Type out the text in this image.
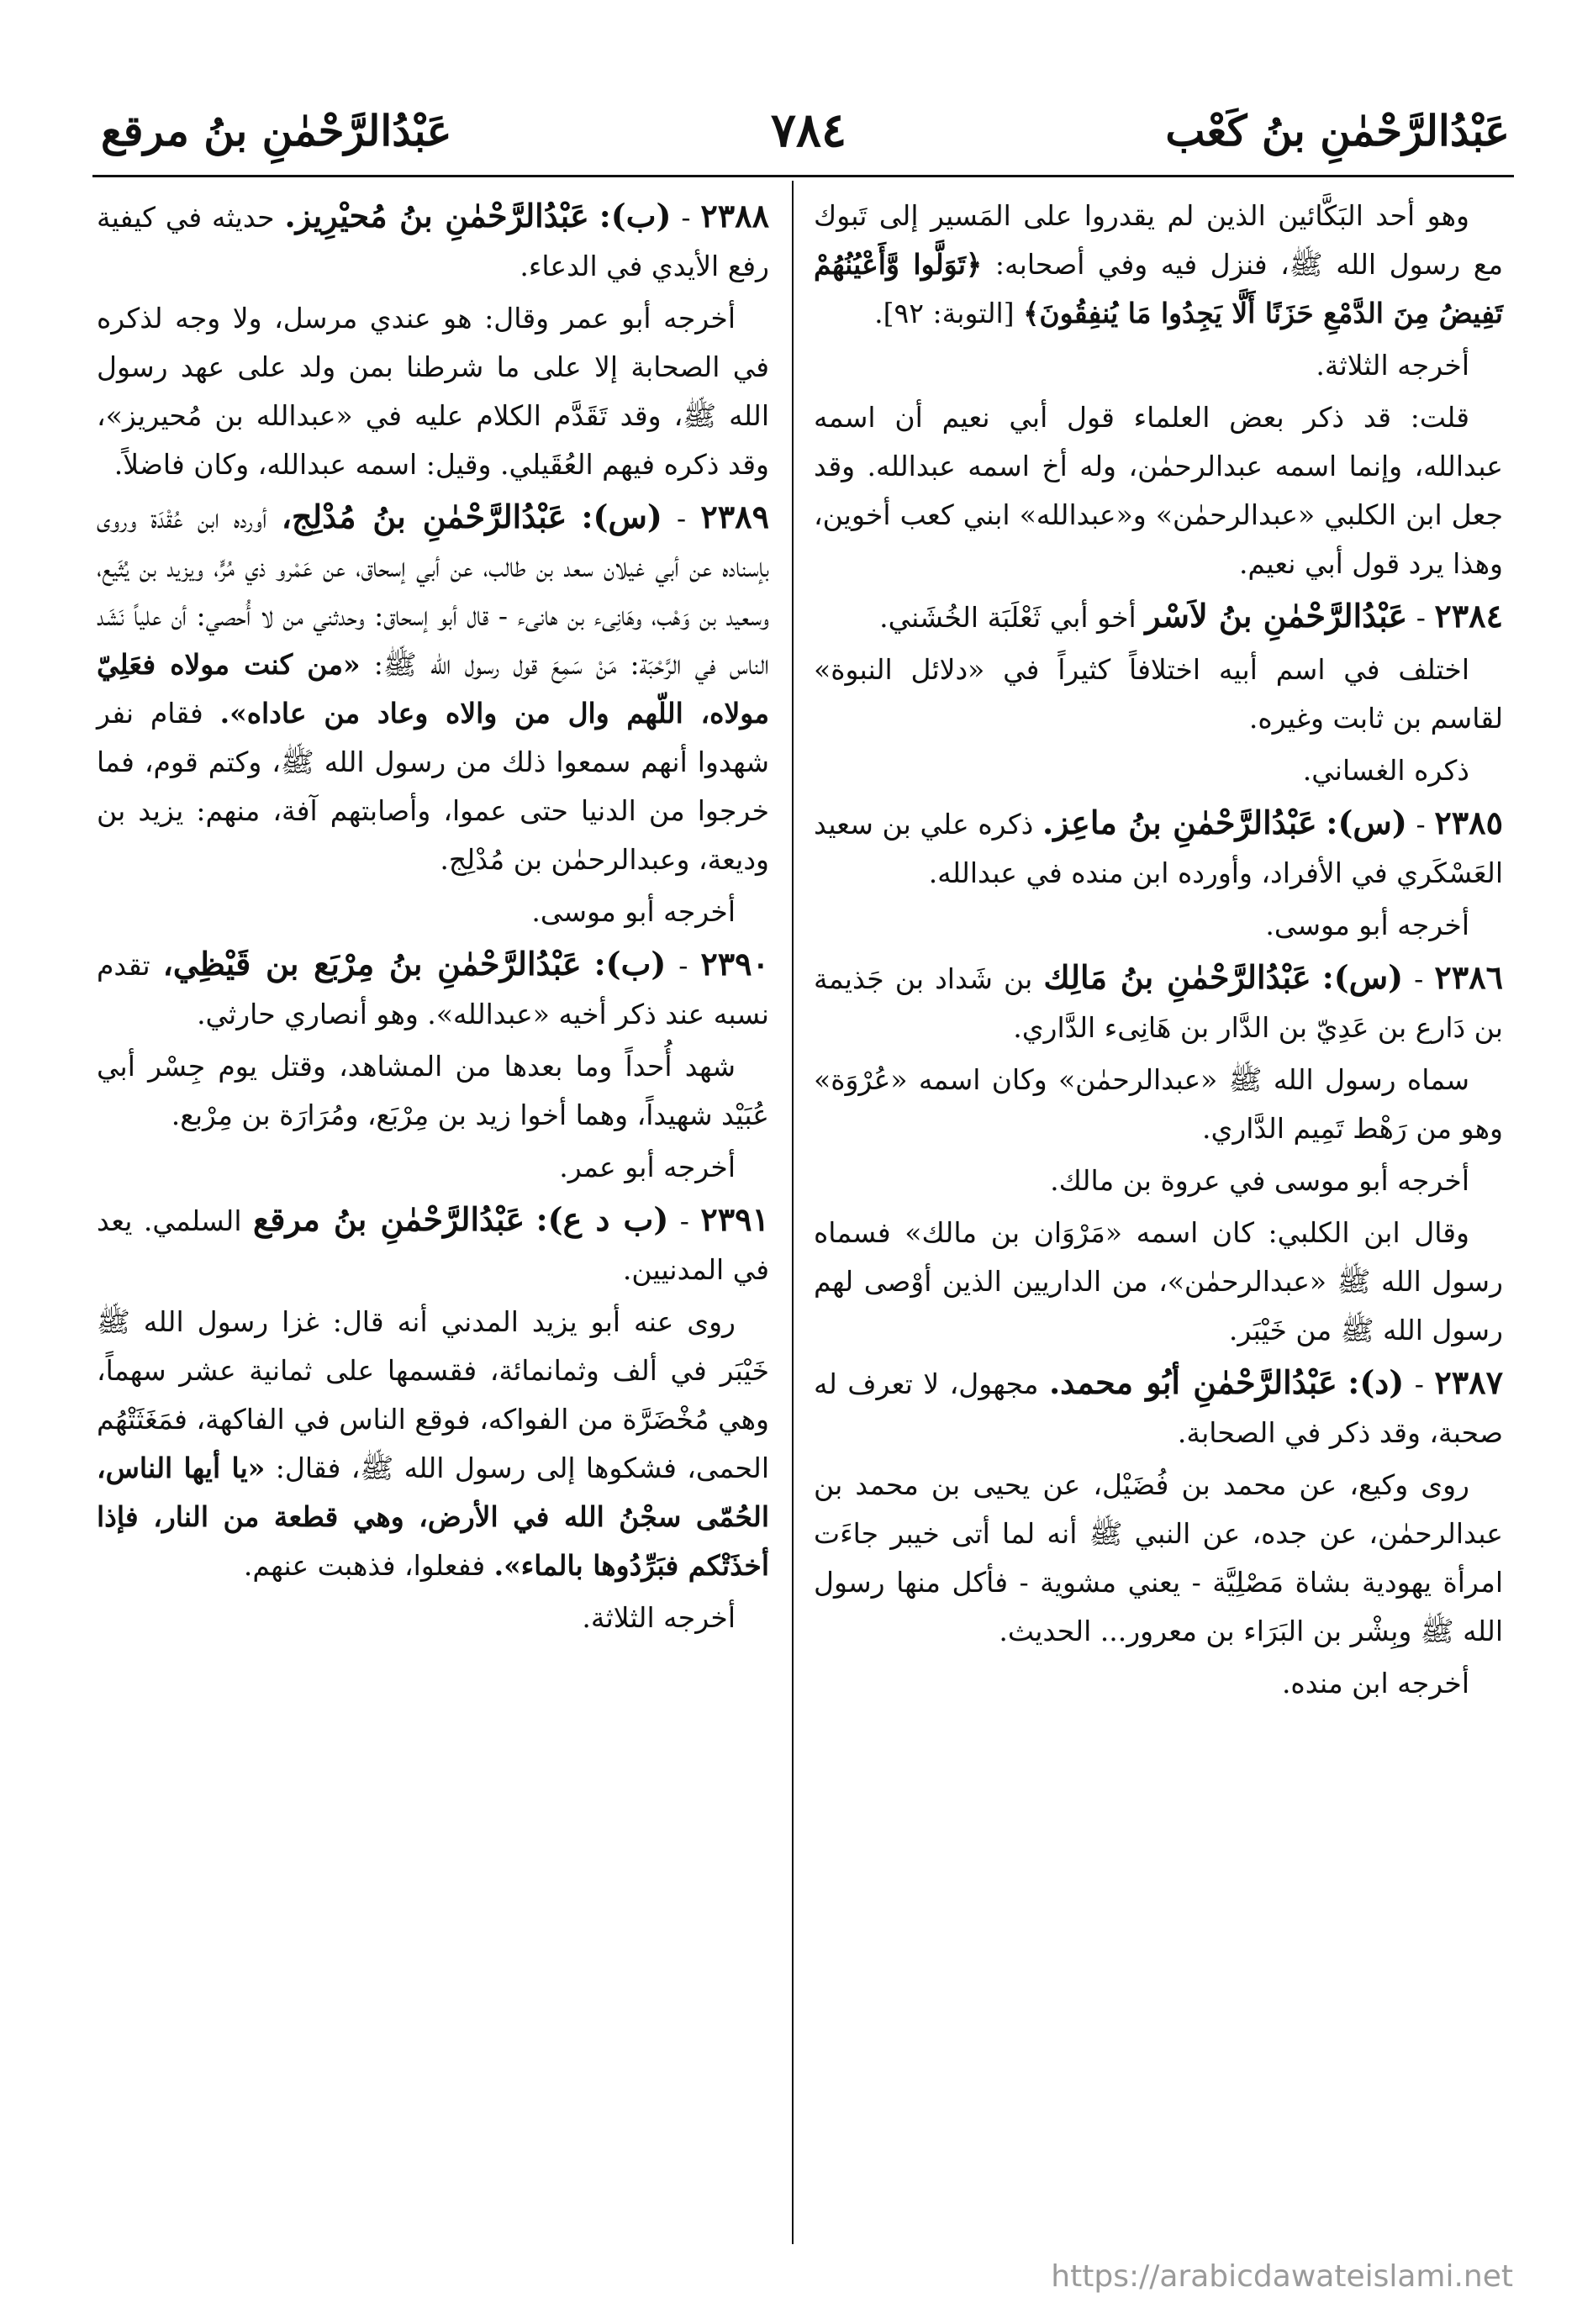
عَبْدُالرَّحْمٰنِ بنُ كَعْب
٧٨٤
عَبْدُالرَّحْمٰنِ بنُ مرقع

وهو أحد البَكَّائين الذين لم يقدروا على المَسير إلى تَبوك مع رسول الله ﷺ، فنزل فيه وفي أصحابه: ﴿تَوَلَّوا وَّأَعْيُنُهُمْ تَفِيضُ مِنَ الدَّمْعِ حَزَنًا أَلَّا يَجِدُوا مَا يُنفِقُونَ﴾ [التوبة: ٩٢].

أخرجه الثلاثة.

قلت: قد ذكر بعض العلماء قول أبي نعيم أن اسمه عبدالله، وإنما اسمه عبدالرحمٰن، وله أخ اسمه عبدالله. وقد جعل ابن الكلبي «عبدالرحمٰن» و«عبدالله» ابني كعب أخوين، وهذا يرد قول أبي نعيم.

٢٣٨٤ - عَبْدُالرَّحْمٰنِ بنُ لاَسْر أخو أبي ثَعْلَبَة الخُشَني.

اختلف في اسم أبيه اختلافاً كثيراً في «دلائل النبوة» لقاسم بن ثابت وغيره.

ذكره الغساني.

٢٣٨٥ - (س): عَبْدُالرَّحْمٰنِ بنُ ماعِز. ذكره علي بن سعيد العَسْكَري في الأفراد، وأورده ابن منده في عبدالله.

أخرجه أبو موسى.

٢٣٨٦ - (س): عَبْدُالرَّحْمٰنِ بنُ مَالِك بن شَداد بن جَذيمة بن دَارع بن عَدِيّ بن الدَّار بن هَانِىء الدَّاري.

سماه رسول الله ﷺ «عبدالرحمٰن» وكان اسمه «عُرْوَة» وهو من رَهْط تَمِيم الدَّاري.

أخرجه أبو موسى في عروة بن مالك.

وقال ابن الكلبي: كان اسمه «مَرْوَان بن مالك» فسماه رسول الله ﷺ «عبدالرحمٰن»، من الداريين الذين أوْصى لهم رسول الله ﷺ من خَيْبَر.

٢٣٨٧ - (د): عَبْدُالرَّحْمٰنِ أبُو محمد. مجهول، لا تعرف له صحبة، وقد ذكر في الصحابة.

روى وكيع، عن محمد بن فُضَيْل، عن يحيى بن محمد بن عبدالرحمٰن، عن جده، عن النبي ﷺ أنه لما أتى خيبر جاءَت امرأة يهودية بشاة مَصْلِيَّة - يعني مشوية - فأكل منها رسول الله ﷺ وبِشْر بن البَرَاء بن معرور... الحديث.

أخرجه ابن منده.

٢٣٨٨ - (ب): عَبْدُالرَّحْمٰنِ بنُ مُحيْرِيز. حديثه في كيفية رفع الأيدي في الدعاء.

أخرجه أبو عمر وقال: هو عندي مرسل، ولا وجه لذكره في الصحابة إلا على ما شرطنا بمن ولد على عهد رسول الله ﷺ، وقد تَقَدَّم الكلام عليه في «عبدالله بن مُحيريز»، وقد ذكره فيهم العُقَيلي. وقيل: اسمه عبدالله، وكان فاضلاً.

٢٣٨٩ - (س): عَبْدُالرَّحْمٰنِ بنُ مُدْلِج، أورده ابن عُقْدَة وروى بإسناده عن أبي غيلان سعد بن طالب، عن أبي إسحاق، عن عَمْرو ذي مُرٍّ، ويزيد بن يُثَيع، وسعيد بن وَهْب، وهَانِىء بن هانىء - قال أبو إسحاق: وحدثني من لا أُحصي: أن علياً نَشَد الناس في الرَّحْبَة: مَنْ سَمِعَ قول رسول الله ﷺ: «من كنت مولاه فعَلِيّ مولاه، اللّهم وال من والاه وعاد من عاداه». فقام نفر شهدوا أنهم سمعوا ذلك من رسول الله ﷺ، وكتم قوم، فما خرجوا من الدنيا حتى عموا، وأصابتهم آفة، منهم: يزيد بن وديعة، وعبدالرحمٰن بن مُدْلِج.

أخرجه أبو موسى.

٢٣٩٠ - (ب): عَبْدُالرَّحْمٰنِ بنُ مِرْبَع بن قَيْظِي، تقدم نسبه عند ذكر أخيه «عبدالله». وهو أنصاري حارثي.

شهد أُحداً وما بعدها من المشاهد، وقتل يوم جِسْر أبي عُبَيْد شهيداً، وهما أخوا زيد بن مِرْبَع، ومُرَارَة بن مِرْبع.

أخرجه أبو عمر.

٢٣٩١ - (ب د ع): عَبْدُالرَّحْمٰنِ بنُ مرقع السلمي. يعد في المدنيين.

روى عنه أبو يزيد المدني أنه قال: غزا رسول الله ﷺ خَيْبَر في ألف وثمانمائة، فقسمها على ثمانية عشر سهماً، وهي مُخْضَرَّة من الفواكه، فوقع الناس في الفاكهة، فمَغَثَتْهُم الحمى، فشكوها إلى رسول الله ﷺ، فقال: «يا أيها الناس، الحُمّى سجْنُ الله في الأرض، وهي قطعة من النار، فإذا أخذَتْكم فبَرِّدُوها بالماء». ففعلوا، فذهبت عنهم.

أخرجه الثلاثة.

https://arabicdawateislami.net
